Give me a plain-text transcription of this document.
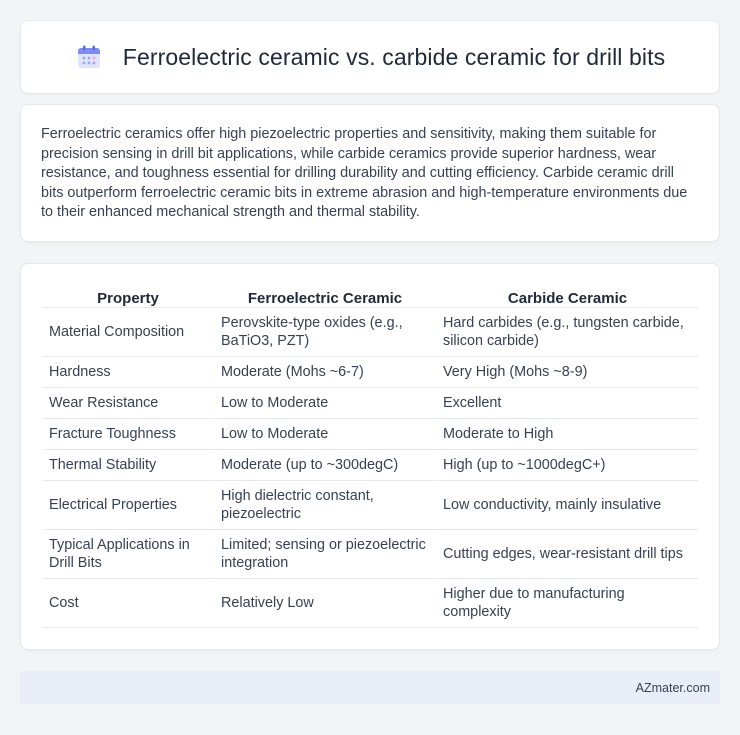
Ferroelectric ceramic vs. carbide ceramic for drill bits

Ferroelectric ceramics offer high piezoelectric properties and sensitivity, making them suitable for precision sensing in drill bit applications, while carbide ceramics provide superior hardness, wear resistance, and toughness essential for drilling durability and cutting efficiency. Carbide ceramic drill bits outperform ferroelectric ceramic bits in extreme abrasion and high-temperature environments due to their enhanced mechanical strength and thermal stability.

Property	Ferroelectric Ceramic	Carbide Ceramic
Material Composition	Perovskite-type oxides (e.g., BaTiO3, PZT)	Hard carbides (e.g., tungsten carbide, silicon carbide)
Hardness	Moderate (Mohs ~6-7)	Very High (Mohs ~8-9)
Wear Resistance	Low to Moderate	Excellent
Fracture Toughness	Low to Moderate	Moderate to High
Thermal Stability	Moderate (up to ~300degC)	High (up to ~1000degC+)
Electrical Properties	High dielectric constant, piezoelectric	Low conductivity, mainly insulative
Typical Applications in Drill Bits	Limited; sensing or piezoelectric integration	Cutting edges, wear-resistant drill tips
Cost	Relatively Low	Higher due to manufacturing complexity
AZmater.com
